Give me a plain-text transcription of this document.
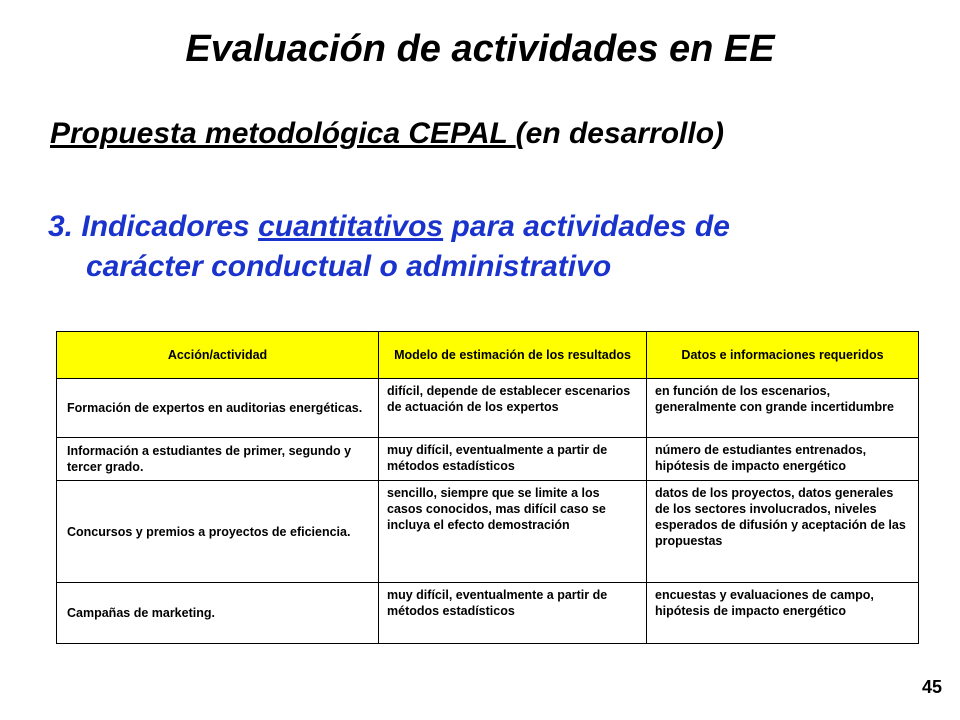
Evaluación de actividades en EE
Propuesta metodológica CEPAL (en desarrollo)
3. Indicadores cuantitativos para actividades de
carácter conductual o administrativo
Acción/actividad	Modelo de estimación de los resultados	Datos e informaciones requeridos
Formación de expertos en auditorias energéticas.	difícil, depende de establecer escenarios de actuación de los expertos	en función de los escenarios, generalmente con grande incertidumbre
Información a estudiantes de primer, segundo y tercer grado.	muy difícil, eventualmente a partir de métodos estadísticos	número de estudiantes entrenados, hipótesis de impacto energético
Concursos y premios a proyectos de eficiencia.	sencillo, siempre que se limite a los casos conocidos, mas difícil caso se incluya el efecto demostración	datos de los proyectos, datos generales de los sectores involucrados, niveles esperados de difusión y aceptación de las propuestas
Campañas de marketing.	muy difícil, eventualmente a partir de métodos estadísticos	encuestas y evaluaciones de campo, hipótesis de impacto energético
45
